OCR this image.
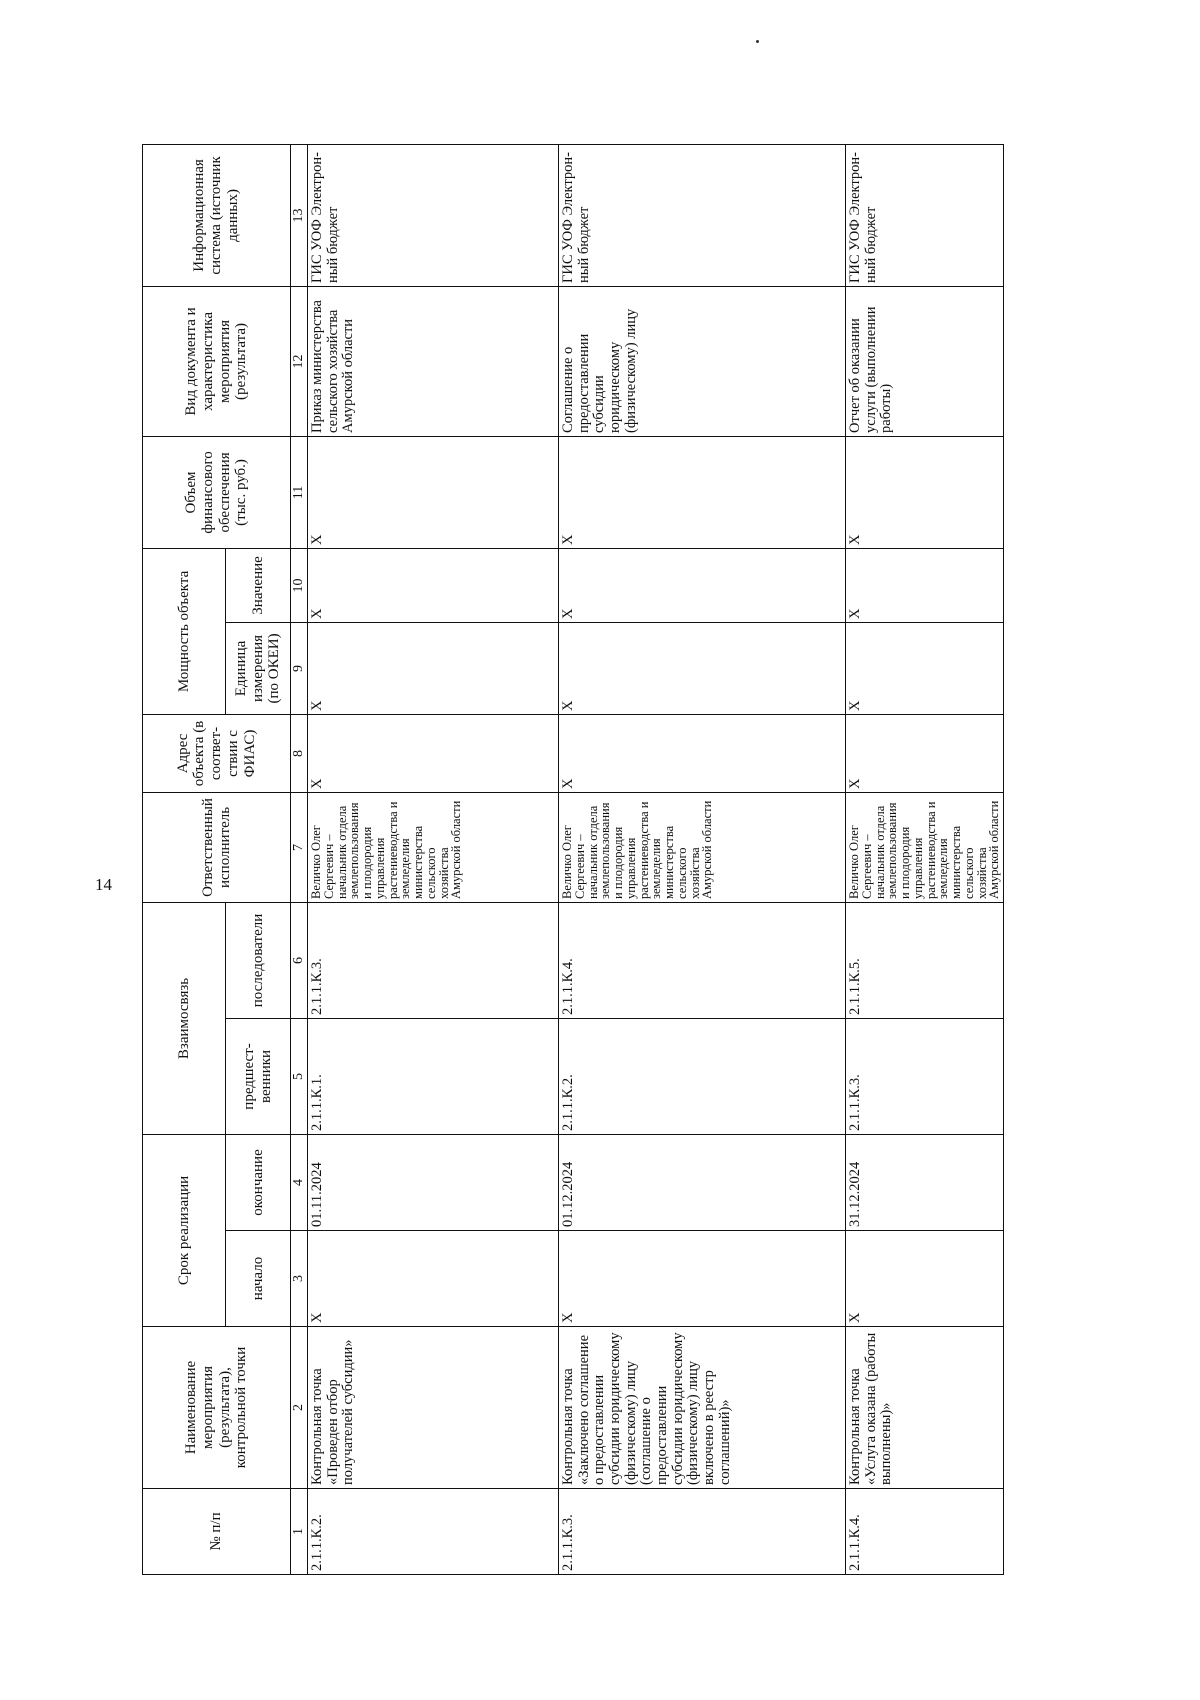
14
№ п/п	Наименование мероприятия (результата), контрольной точки	Срок реализации		Взаимосвязь		Ответственный исполнитель	Адрес объекта (в соответ-ствии с ФИАС)	Мощность объекта		Объем финансового обеспечения (тыс. руб.)	Вид документа и характеристика мероприятия (результата)	Информационная система (источник данных)
		начало	окончание	предшест-венники	последователи			Единица измерения (по ОКЕИ)	Значение			
1	2	3	4	5	6	7	8	9	10	11	12	13
2.1.1.К.2.	Контрольная точка «Проведен отбор получателей субсидии»	X	01.11.2024	2.1.1.К.1.	2.1.1.К.3.	Величко Олег Сергеевич – начальник отдела землепользования и плодородия управления растениеводства и земледелия министерства сельского хозяйства Амурской области	X	X	X	X	Приказ министерства сельского хозяйства Амурской области	ГИС УОФ Электрон-ный бюджет
2.1.1.К.3.	Контрольная точка «Заключено соглашение о предоставлении субсидии юридическому (физическому) лицу (соглашение о предоставлении субсидии юридическому (физическому) лицу включено в реестр соглашений)»	X	01.12.2024	2.1.1.К.2.	2.1.1.К.4.	Величко Олег Сергеевич – начальник отдела землепользования и плодородия управления растениеводства и земледелия министерства сельского хозяйства Амурской области	X	X	X	X	Соглашение о предоставлении субсидии юридическому (физическому) лицу	ГИС УОФ Электрон-ный бюджет
2.1.1.К.4.	Контрольная точка «Услуга оказана (работы выполнены)»	X	31.12.2024	2.1.1.К.3.	2.1.1.К.5.	Величко Олег Сергеевич – начальник отдела землепользования и плодородия управления растениеводства и земледелия министерства сельского хозяйства Амурской области	X	X	X	X	Отчет об оказании услуги (выполнении работы)	ГИС УОФ Электрон-ный бюджет
